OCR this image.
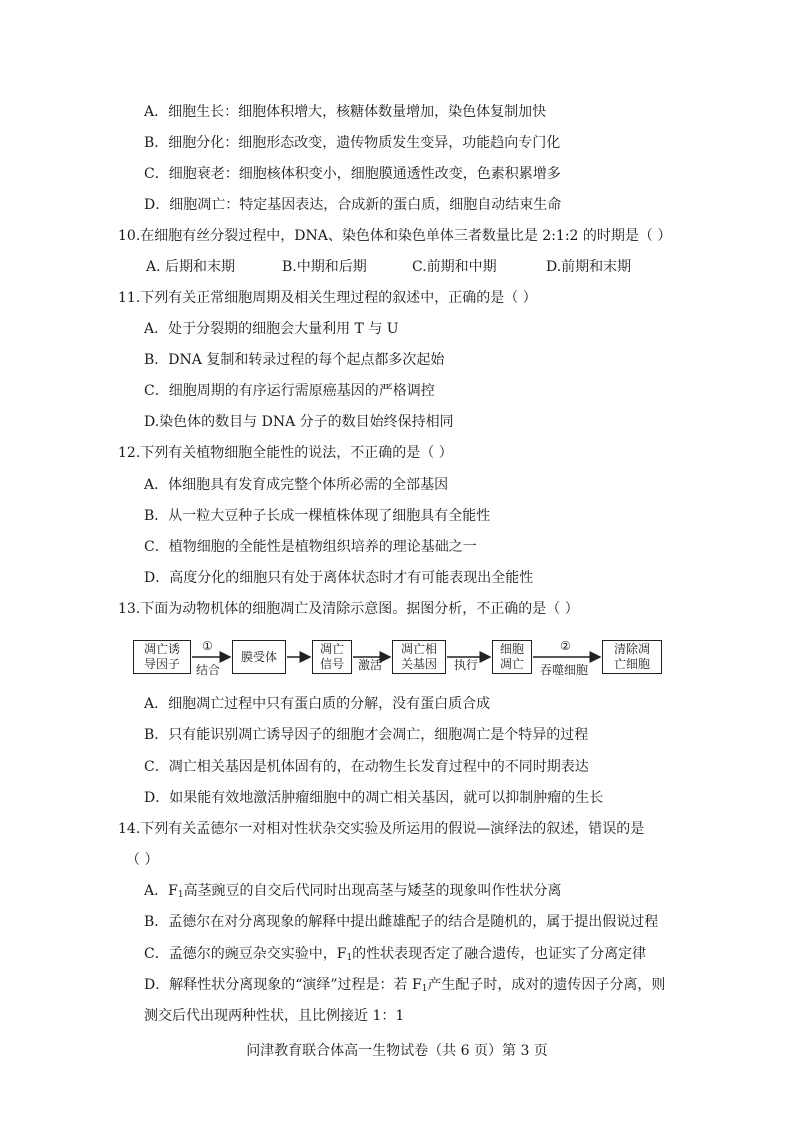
A．细胞生长：细胞体积增大，核糖体数量增加，染色体复制加快
B．细胞分化：细胞形态改变，遗传物质发生变异，功能趋向专门化
C．细胞衰老：细胞核体积变小，细胞膜通透性改变，色素积累增多
D．细胞凋亡：特定基因表达，合成新的蛋白质，细胞自动结束生命
10.在细胞有丝分裂过程中，DNA、染色体和染色单体三者数量比是 2:1:2 的时期是（ ）
A. 后期和末期	B.中期和后期	C.前期和中期	D.前期和末期
11.下列有关正常细胞周期及相关生理过程的叙述中，正确的是（ ）
A．处于分裂期的细胞会大量利用 T 与 U
B．DNA 复制和转录过程的每个起点都多次起始
C．细胞周期的有序运行需原癌基因的严格调控
D.染色体的数目与 DNA 分子的数目始终保持相同
12.下列有关植物细胞全能性的说法，不正确的是（ ）
A．体细胞具有发育成完整个体所必需的全部基因
B．从一粒大豆种子长成一棵植株体现了细胞具有全能性
C．植物细胞的全能性是植物组织培养的理论基础之一
D．高度分化的细胞只有处于离体状态时才有可能表现出全能性
13.下面为动物机体的细胞凋亡及清除示意图。据图分析，不正确的是（ ）
凋亡诱
导因子
膜受体
凋亡
信号
凋亡相
关基因
细胞
凋亡
清除凋
亡细胞
①
结合	激活	执行
②
吞噬细胞
A．细胞凋亡过程中只有蛋白质的分解，没有蛋白质合成
B．只有能识别凋亡诱导因子的细胞才会凋亡，细胞凋亡是个特异的过程
C．凋亡相关基因是机体固有的，在动物生长发育过程中的不同时期表达
D．如果能有效地激活肿瘤细胞中的凋亡相关基因，就可以抑制肿瘤的生长
14.下列有关孟德尔一对相对性状杂交实验及所运用的假说—演绎法的叙述，错误的是
（ ）
A．$F_1$高茎豌豆的自交后代同时出现高茎与矮茎的现象叫作性状分离
B．孟德尔在对分离现象的解释中提出雌雄配子的结合是随机的，属于提出假说过程
C．孟德尔的豌豆杂交实验中，$F_1$的性状表现否定了融合遗传，也证实了分离定律
D．解释性状分离现象的“演绎”过程是：若 $F_1$产生配子时，成对的遗传因子分离，则
测交后代出现两种性状，且比例接近 1：1
问津教育联合体高一生物试卷（共 6 页）第 3 页
